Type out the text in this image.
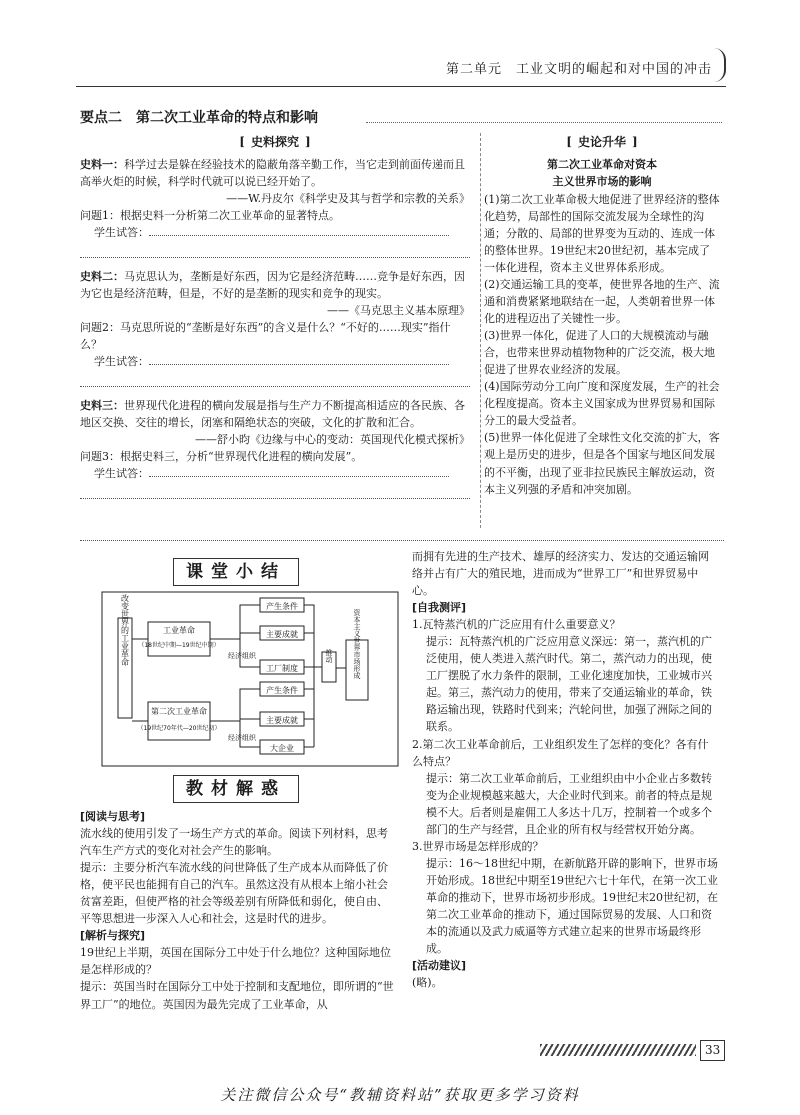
第二单元　工业文明的崛起和对中国的冲击
要点二　第二次工业革命的特点和影响
[ 史料探究 ]

史料一：科学过去是躲在经验技术的隐蔽角落辛勤工作，当它走到前面传递而且高举火炬的时候，科学时代就可以说已经开始了。

——W.丹皮尔《科学史及其与哲学和宗教的关系》

问题1：根据史料一分析第二次工业革命的显著特点。

学生试答：

史料二：马克思认为，垄断是好东西，因为它是经济范畴……竞争是好东西，因为它也是经济范畴，但是，不好的是垄断的现实和竞争的现实。

——《马克思主义基本原理》

问题2：马克思所说的“垄断是好东西”的含义是什么？“不好的……现实”指什么？

学生试答：

史料三：世界现代化进程的横向发展是指与生产力不断提高相适应的各民族、各地区交换、交往的增长，闭塞和隔绝状态的突破，文化的扩散和汇合。

——舒小昀《边缘与中心的变动：英国现代化模式探析》

问题3：根据史料三，分析“世界现代化进程的横向发展”。

学生试答：

[ 史论升华 ]
第二次工业革命对资本
主义世界市场的影响

(1)第二次工业革命极大地促进了世界经济的整体化趋势，局部性的国际交流发展为全球性的沟通；分散的、局部的世界变为互动的、连成一体的整体世界。19世纪末20世纪初，基本完成了一体化进程，资本主义世界体系形成。

(2)交通运输工具的变革，使世界各地的生产、流通和消费紧紧地联结在一起，人类朝着世界一体化的进程迈出了关键性一步。

(3)世界一体化，促进了人口的大规模流动与融合，也带来世界动植物物种的广泛交流，极大地促进了世界农业经济的发展。

(4)国际劳动分工向广度和深度发展，生产的社会化程度提高。资本主义国家成为世界贸易和国际分工的最大受益者。

(5)世界一体化促进了全球性文化交流的扩大，客观上是历史的进步，但是各个国家与地区间发展的不平衡，出现了亚非拉民族民主解放运动，资本主义列强的矛盾和冲突加剧。

课堂小结
改变世界的工业革命	工业革命
（18世纪中期—19世纪中期）
第二次工业革命
（19世纪70年代—20世纪初）
产生条件
主要成就
经济组织
工厂制度
产生条件
主要成就
经济组织
大企业
推动	资本主义世界市场形成
教材解惑
[阅读与思考]

流水线的使用引发了一场生产方式的革命。阅读下列材料，思考汽车生产方式的变化对社会产生的影响。

提示：主要分析汽车流水线的问世降低了生产成本从而降低了价格，使平民也能拥有自己的汽车。虽然这没有从根本上缩小社会贫富差距，但使严格的社会等级差别有所降低和弱化，使自由、平等思想进一步深入人心和社会，这是时代的进步。

[解析与探究]

19世纪上半期，英国在国际分工中处于什么地位？这种国际地位是怎样形成的？

提示：英国当时在国际分工中处于控制和支配地位，即所谓的“世界工厂”的地位。英国因为最先完成了工业革命，从

而拥有先进的生产技术、雄厚的经济实力、发达的交通运输网络并占有广大的殖民地，进而成为“世界工厂”和世界贸易中心。

[自我测评]

1.瓦特蒸汽机的广泛应用有什么重要意义？

提示：瓦特蒸汽机的广泛应用意义深远：第一，蒸汽机的广泛使用，使人类进入蒸汽时代。第二，蒸汽动力的出现，使工厂摆脱了水力条件的限制，工业化速度加快，工业城市兴起。第三，蒸汽动力的使用，带来了交通运输业的革命，铁路运输出现，铁路时代到来；汽轮问世，加强了洲际之间的联系。

2.第二次工业革命前后，工业组织发生了怎样的变化？各有什么特点？

提示：第二次工业革命前后，工业组织由中小企业占多数转变为企业规模越来越大，大企业时代到来。前者的特点是规模不大。后者则是雇佣工人多达十几万，控制着一个或多个部门的生产与经营，且企业的所有权与经营权开始分离。

3.世界市场是怎样形成的？

提示：16～18世纪中期，在新航路开辟的影响下，世界市场开始形成。18世纪中期至19世纪六七十年代，在第一次工业革命的推动下，世界市场初步形成。19世纪末20世纪初，在第二次工业革命的推动下，通过国际贸易的发展、人口和资本的流通以及武力威逼等方式建立起来的世界市场最终形成。

[活动建议]

(略)。

33
关注微信公众号“教辅资料站”获取更多学习资料
